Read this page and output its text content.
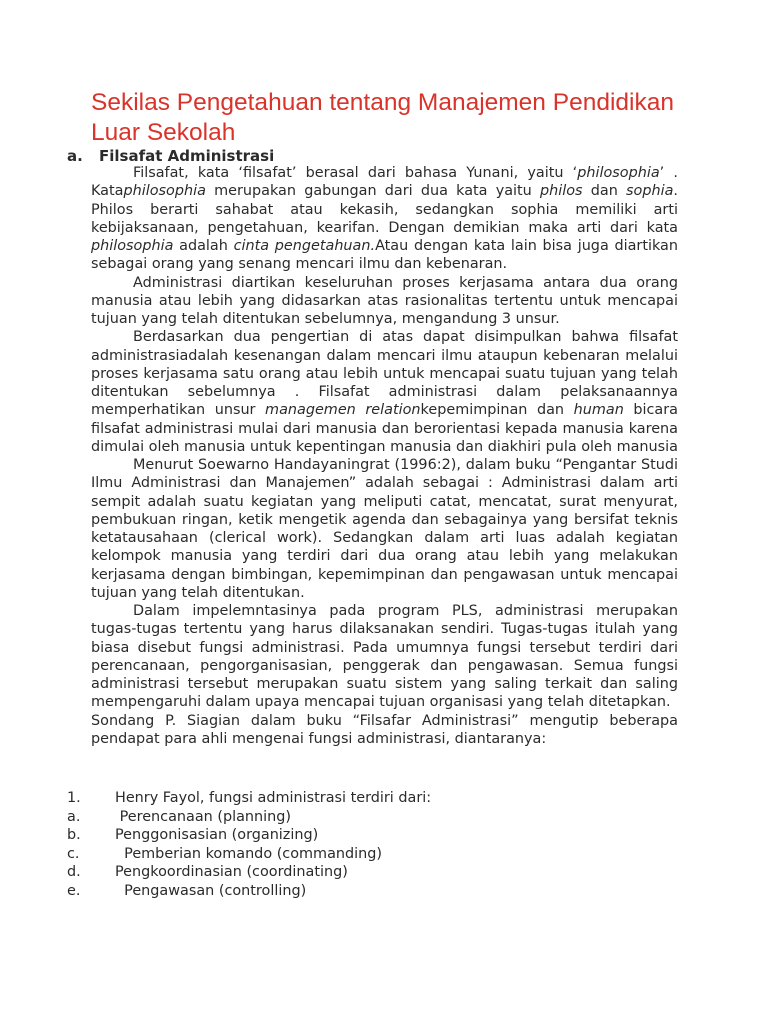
Sekilas Pengetahuan tentang Manajemen Pendidikan Luar Sekolah
a.	Filsafat Administrasi

Filsafat, kata ‘filsafat’ berasal dari bahasa Yunani, yaitu ‘philosophia’ . Kataphilosophia merupakan gabungan dari dua kata yaitu philos dan sophia. Philos berarti sahabat atau kekasih, sedangkan sophia memiliki arti kebijaksanaan, pengetahuan, kearifan. Dengan demikian maka arti dari kata philosophia adalah cinta pengetahuan.Atau dengan kata lain bisa juga diartikan sebagai orang yang senang mencari ilmu dan kebenaran.

Administrasi diartikan keseluruhan proses kerjasama antara dua orang manusia atau lebih yang didasarkan atas rasionalitas tertentu untuk mencapai tujuan yang telah ditentukan sebelumnya, mengandung 3 unsur.

Berdasarkan dua pengertian di atas dapat disimpulkan bahwa filsafat administrasiadalah kesenangan dalam mencari ilmu ataupun kebenaran melalui proses kerjasama satu orang atau lebih untuk mencapai suatu tujuan yang telah ditentukan sebelumnya . Filsafat administrasi dalam pelaksanaannya memperhatikan unsur managemen relationkepemimpinan dan human bicara filsafat administrasi mulai dari manusia dan berorientasi kepada manusia karena dimulai oleh manusia untuk kepentingan manusia dan diakhiri pula oleh manusia

Menurut Soewarno Handayaningrat (1996:2), dalam buku “Pengantar Studi Ilmu Administrasi dan Manajemen” adalah sebagai : Administrasi dalam arti sempit adalah suatu kegiatan yang meliputi catat, mencatat, surat menyurat, pembukuan ringan, ketik mengetik agenda dan sebagainya yang bersifat teknis ketatausahaan (clerical work). Sedangkan dalam arti luas adalah kegiatan kelompok manusia yang terdiri dari dua orang atau lebih yang melakukan kerjasama dengan bimbingan, kepemimpinan dan pengawasan untuk mencapai tujuan yang telah ditentukan.

Dalam impelemntasinya pada program PLS, administrasi merupakan tugas-tugas tertentu yang harus dilaksanakan sendiri. Tugas-tugas itulah yang biasa disebut fungsi administrasi. Pada umumnya fungsi tersebut terdiri dari perencanaan, pengorganisasian, penggerak dan pengawasan. Semua fungsi administrasi tersebut merupakan suatu sistem yang saling terkait dan saling mempengaruhi dalam upaya mencapai tujuan organisasi yang telah ditetapkan.

Sondang P. Siagian dalam buku “Filsafar Administrasi” mengutip beberapa pendapat para ahli mengenai fungsi administrasi, diantaranya:

1.	Henry Fayol, fungsi administrasi terdiri dari:
a.	Perencanaan (planning)
b.	Penggonisasian (organizing)
c.	Pemberian komando (commanding)
d.	Pengkoordinasian (coordinating)
e.	Pengawasan (controlling)
